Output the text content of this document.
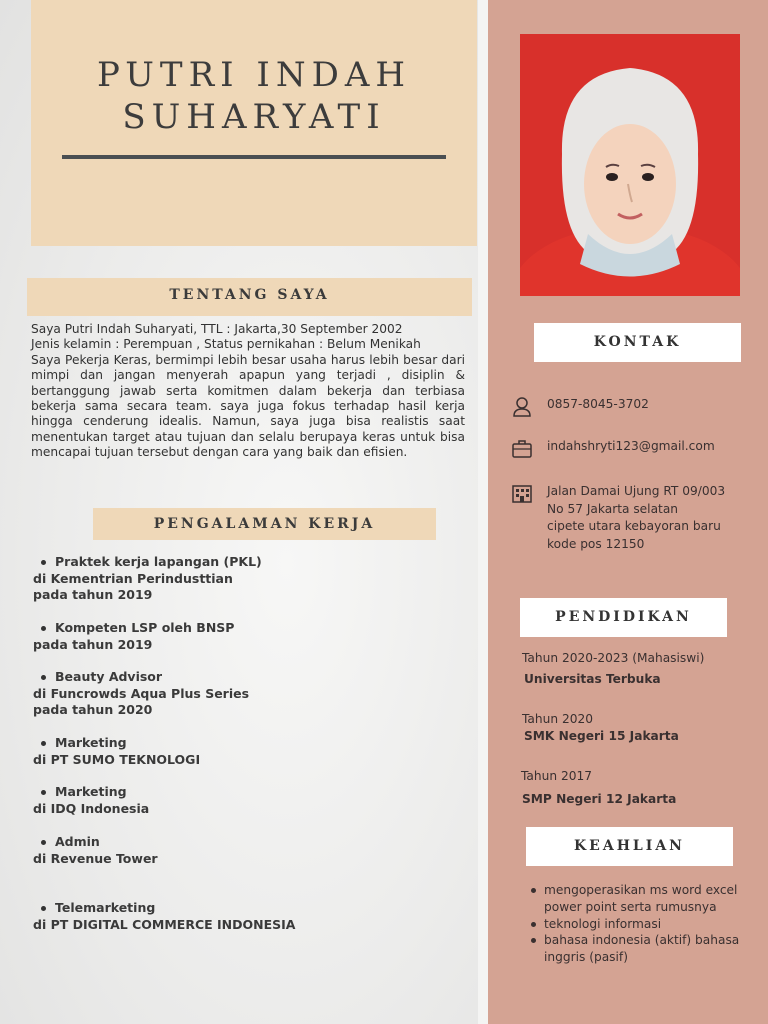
PUTRI INDAH
SUHARYATI
TENTANG SAYA
Saya Putri Indah Suharyati, TTL : Jakarta,30 September 2002
Jenis kelamin : Perempuan , Status pernikahan : Belum Menikah
Saya Pekerja Keras, bermimpi lebih besar usaha harus lebih besar dari mimpi dan jangan menyerah apapun yang terjadi , disiplin & bertanggung jawab serta komitmen dalam bekerja dan terbiasa bekerja sama secara team. saya juga fokus terhadap hasil kerja hingga cenderung idealis. Namun, saya juga bisa realistis saat menentukan target atau tujuan dan selalu berupaya keras untuk bisa mencapai tujuan tersebut dengan cara yang baik dan efisien.
PENGALAMAN KERJA
Praktek kerja lapangan (PKL)
di Kementrian Perindusttian
pada tahun 2019
Kompeten LSP oleh BNSP
pada tahun 2019
Beauty Advisor
di Funcrowds Aqua Plus Series
pada tahun 2020
Marketing
di PT SUMO TEKNOLOGI
Marketing
di IDQ Indonesia
Admin
di Revenue Tower
Telemarketing
di PT DIGITAL COMMERCE INDONESIA
KONTAK
0857-8045-3702
indahshryti123@gmail.com
Jalan Damai Ujung RT 09/003
No 57 Jakarta selatan
cipete utara kebayoran baru
kode pos 12150
PENDIDIKAN
Tahun 2020-2023 (Mahasiswi)
Universitas Terbuka
Tahun 2020
SMK Negeri 15 Jakarta
Tahun 2017
SMP Negeri 12 Jakarta
KEAHLIAN
mengoperasikan ms word excel power point serta rumusnya
teknologi informasi
bahasa indonesia (aktif) bahasa inggris (pasif)
